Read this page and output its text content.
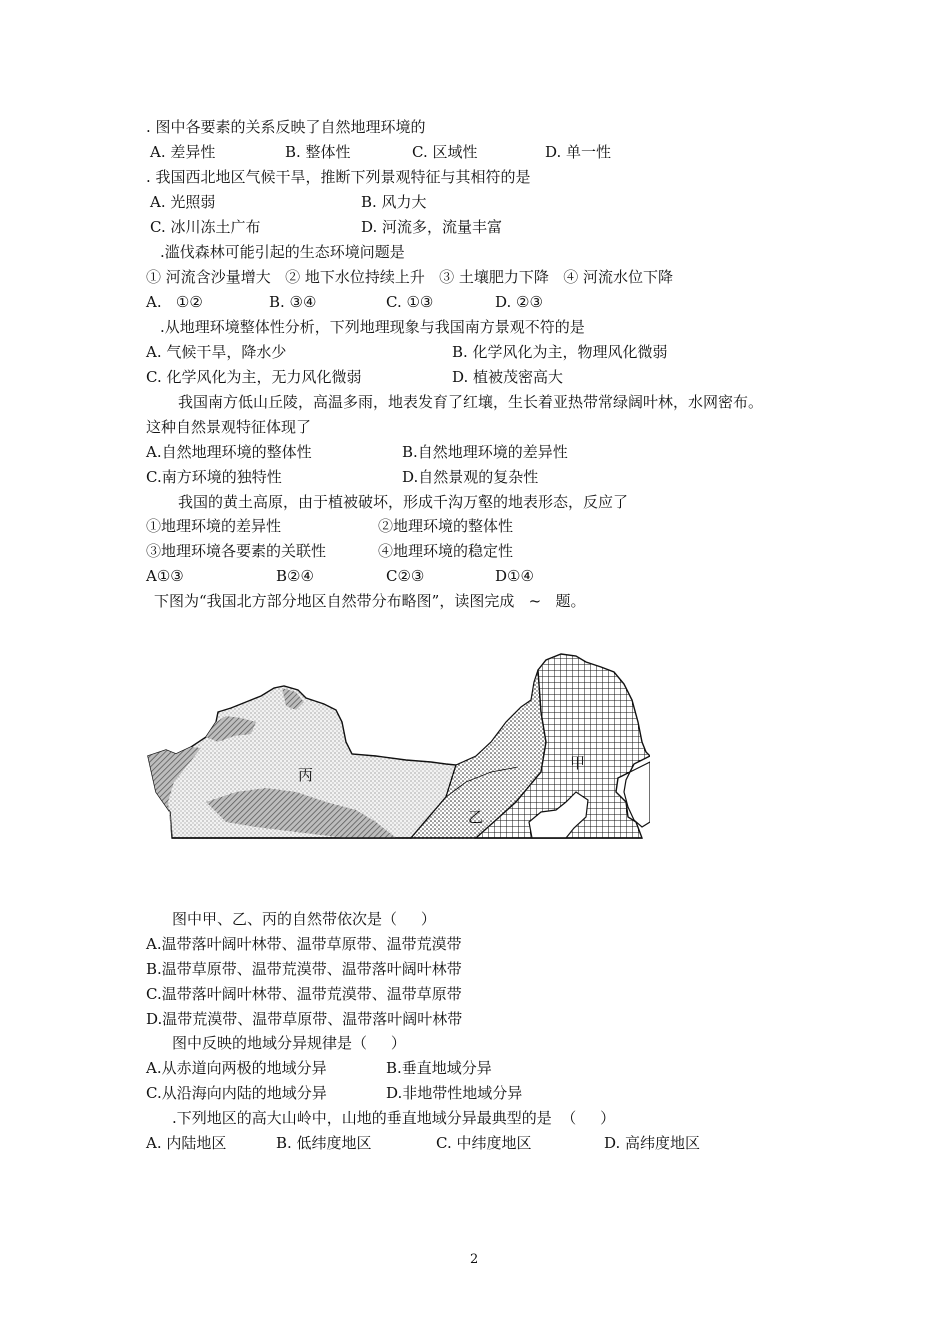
. 图中各要素的关系反映了自然地理环境的
A. 差异性	B. 整体性	C. 区域性	D. 单一性
. 我国西北地区气候干旱，推断下列景观特征与其相符的是
A. 光照弱	B. 风力大
C. 冰川冻土广布	D. 河流多，流量丰富
.滥伐森林可能引起的生态环境问题是
① 河流含沙量增大   ② 地下水位持续上升   ③ 土壤肥力下降   ④ 河流水位下降
A.   ①②	B. ③④	C. ①③	D. ②③
.从地理环境整体性分析，下列地理现象与我国南方景观不符的是
A. 气候干旱，降水少	B. 化学风化为主，物理风化微弱
C. 化学风化为主，无力风化微弱	D. 植被茂密高大
我国南方低山丘陵，高温多雨，地表发育了红壤，生长着亚热带常绿阔叶林，水网密布。
这种自然景观特征体现了
A.自然地理环境的整体性	B.自然地理环境的差异性
C.南方环境的独特性	D.自然景观的复杂性
我国的黄土高原，由于植被破坏，形成千沟万壑的地表形态，反应了
①地理环境的差异性	②地理环境的整体性
③地理环境各要素的关联性	④地理环境的稳定性
A①③	B②④	C②③	D①④
下图为“我国北方部分地区自然带分布略图”，读图完成   ~   题。
丙
乙
甲
图中甲、乙、丙的自然带依次是（     ）
A.温带落叶阔叶林带、温带草原带、温带荒漠带
B.温带草原带、温带荒漠带、温带落叶阔叶林带
C.温带落叶阔叶林带、温带荒漠带、温带草原带
D.温带荒漠带、温带草原带、温带落叶阔叶林带
图中反映的地域分异规律是（     ）
A.从赤道向两极的地域分异	B.垂直地域分异
C.从沿海向内陆的地域分异	D.非地带性地域分异
.下列地区的高大山岭中，山地的垂直地域分异最典型的是  （     ）
A. 内陆地区	B. 低纬度地区	C. 中纬度地区	D. 高纬度地区
2
